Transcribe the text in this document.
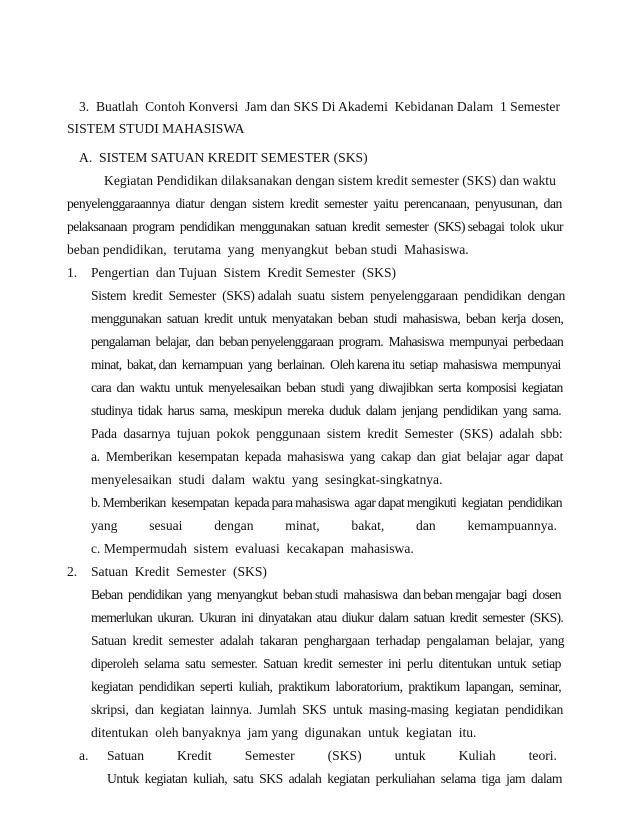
3.  Buatlah  Contoh Konversi  Jam dan SKS Di Akademi  Kebidanan Dalam  1 Semester
SISTEM STUDI MAHASISWA
A.  SISTEM SATUAN KREDIT SEMESTER (SKS)
Kegiatan Pendidikan dilaksanakan dengan sistem kredit semester (SKS) dan waktu
penyelenggaraannya  diatur  dengan  sistem  kredit  semester  yaitu  perencanaan,  penyusunan,  dan
pelaksanaan  program  pendidikan  menggunakan  satuan  kredit  semester  (SKS) sebagai  tolok  ukur
beban pendidikan,  terutama  yang  menyangkut  beban studi  Mahasiswa.
1. Pengertian  dan Tujuan  Sistem  Kredit Semester  (SKS)
Sistem  kredit  Semester  (SKS) adalah  suatu  sistem  penyelenggaraan  pendidikan  dengan
menggunakan  satuan  kredit  untuk  menyatakan  beban  studi  mahasiswa,  beban  kerja  dosen,
pengalaman  belajar,  dan  beban penyelenggaraan  program.  Mahasiswa  mempunyai  perbedaan
minat,  bakat, dan  kemampuan  yang  berlainan.  Oleh karena itu  setiap  mahasiswa  mempunyai
cara  dan  waktu  untuk  menyelesaikan  beban  studi  yang  diwajibkan  serta  komposisi  kegiatan
studinya  tidak  harus  sama,  meskipun  mereka  duduk  dalam  jenjang  pendidikan  yang  sama.
Pada  dasarnya  tujuan  pokok  penggunaan  sistem  kredit  Semester  (SKS)  adalah  sbb:
a.  Memberikan  kesempatan  kepada  mahasiswa  yang  cakap  dan  giat  belajar  agar  dapat
menyelesaikan  studi  dalam  waktu  yang  sesingkat-singkatnya.
b. Memberikan  kesempatan  kepada para mahasiswa  agar dapat mengikuti  kegiatan  pendidikan
yang sesuai dengan minat, bakat, dan kemampuannya.
c. Mempermudah  sistem  evaluasi  kecakapan  mahasiswa.
2. Satuan  Kredit  Semester  (SKS)
Beban  pendidikan  yang  menyangkut  beban studi  mahasiswa  dan beban mengajar  bagi  dosen
memerlukan  ukuran.  Ukuran  ini  dinyatakan  atau  diukur  dalam  satuan  kredit  semester  (SKS).
Satuan  kredit  semester  adalah  takaran  penghargaan  terhadap  pengalaman  belajar,  yang
diperoleh  selama  satu  semester.  Satuan  kredit  semester  ini  perlu  ditentukan  untuk  setiap
kegiatan  pendidikan  seperti  kuliah,  praktikum  laboratorium,  praktikum  lapangan,  seminar,
skripsi,  dan  kegiatan  lainnya.  Jumlah  SKS  untuk  masing-masing  kegiatan  pendidikan
ditentukan  oleh banyaknya  jam yang  digunakan  untuk  kegiatan  itu.
a. Satuan Kredit Semester (SKS) untuk Kuliah teori.
Untuk  kegiatan  kuliah,  satu  SKS  adalah  kegiatan  perkuliahan  selama  tiga  jam  dalam
